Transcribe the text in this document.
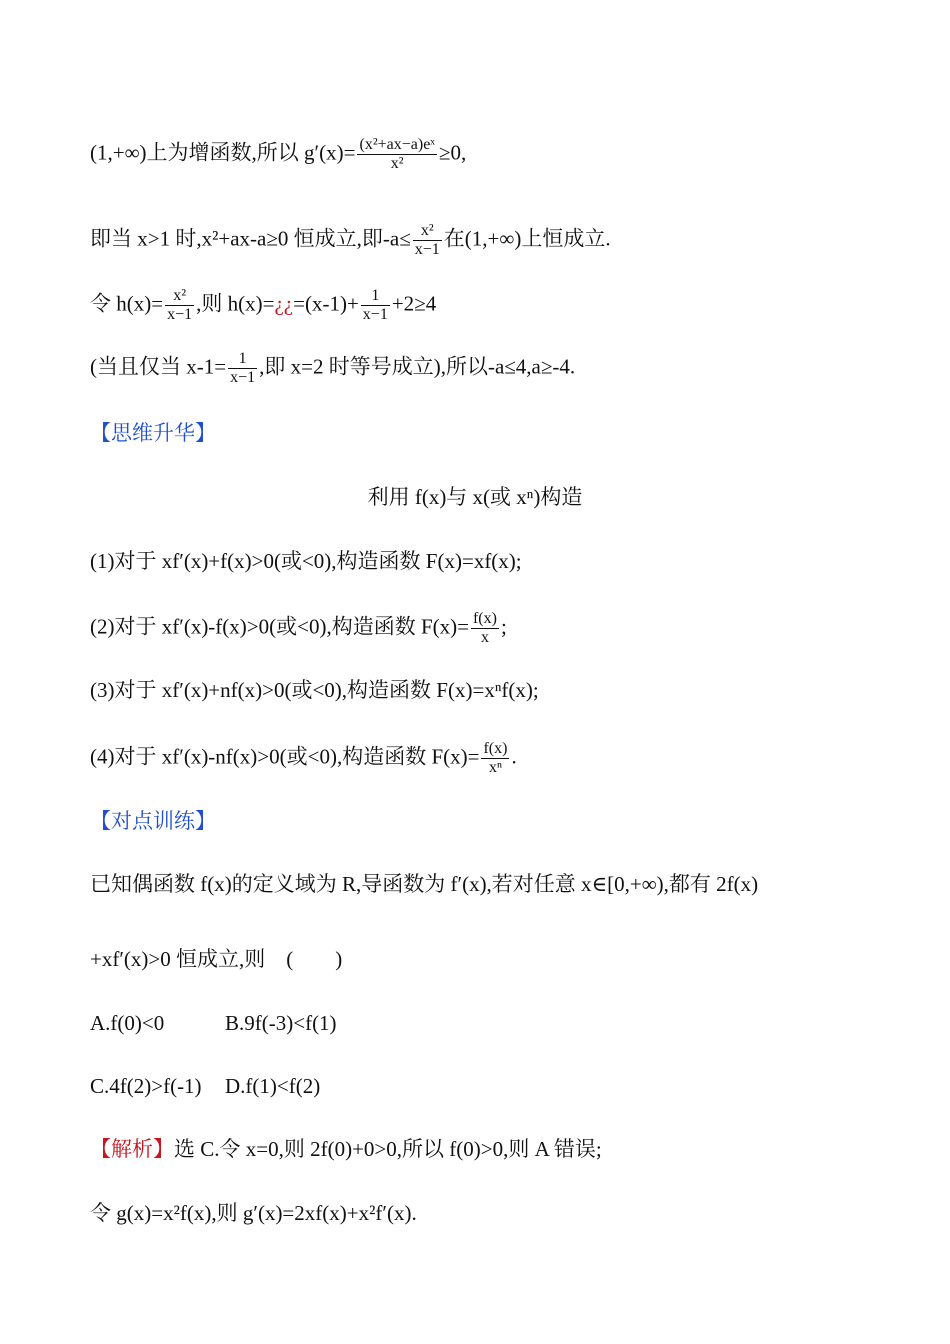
(1,+∞)上为增函数,所以 $g'(x)= \frac{\text{(x²+ax−a)eˣ}}{\text{x²}} \ge 0$,
即当 x>1 时,x²+ax-a≥0 恒成立,即$-a\le \frac{\text{x²}}{x-1}$ 在(1,+∞)上恒成立.
令 $h(x)= \frac{\text{x²}}{x-1}$ ,则 h(x)=¿¿=(x-1)+ $\frac{1}{x-1} +2\ge 4$
(当且仅当 $x-1= \frac{1}{x-1}$ ,即 x=2 时等号成立),所以-a≤4,a≥-4.
【思维升华】
利用 f(x)与 x(或 xⁿ)构造
(1)对于 xf′(x)+f(x)>0(或<0),构造函数 F(x)=xf(x);
(2)对于 xf′(x)-f(x)>0(或<0),构造函数 $F(x)= \frac{f(x)}{x}$ ;
(3)对于 xf′(x)+nf(x)>0(或<0),构造函数 F(x)=xⁿf(x);
(4)对于 xf′(x)-nf(x)>0(或<0),构造函数 $F(x)= \frac{f(x)}{\text{xⁿ}}$ .
【对点训练】
已知偶函数 f(x)的定义域为 R,导函数为 f′(x),若对任意 x∈[0,+∞),都有 2f(x)
+xf′(x)>0 恒成立,则　(　　)
A.f(0)<0	B.9f(-3)<f(1)
C.4f(2)>f(-1) D.f(1)<f(2)
【解析】选 C.令 x=0,则 2f(0)+0>0,所以 f(0)>0,则 A 错误;
令 g(x)=x²f(x),则 g′(x)=2xf(x)+x²f′(x).
